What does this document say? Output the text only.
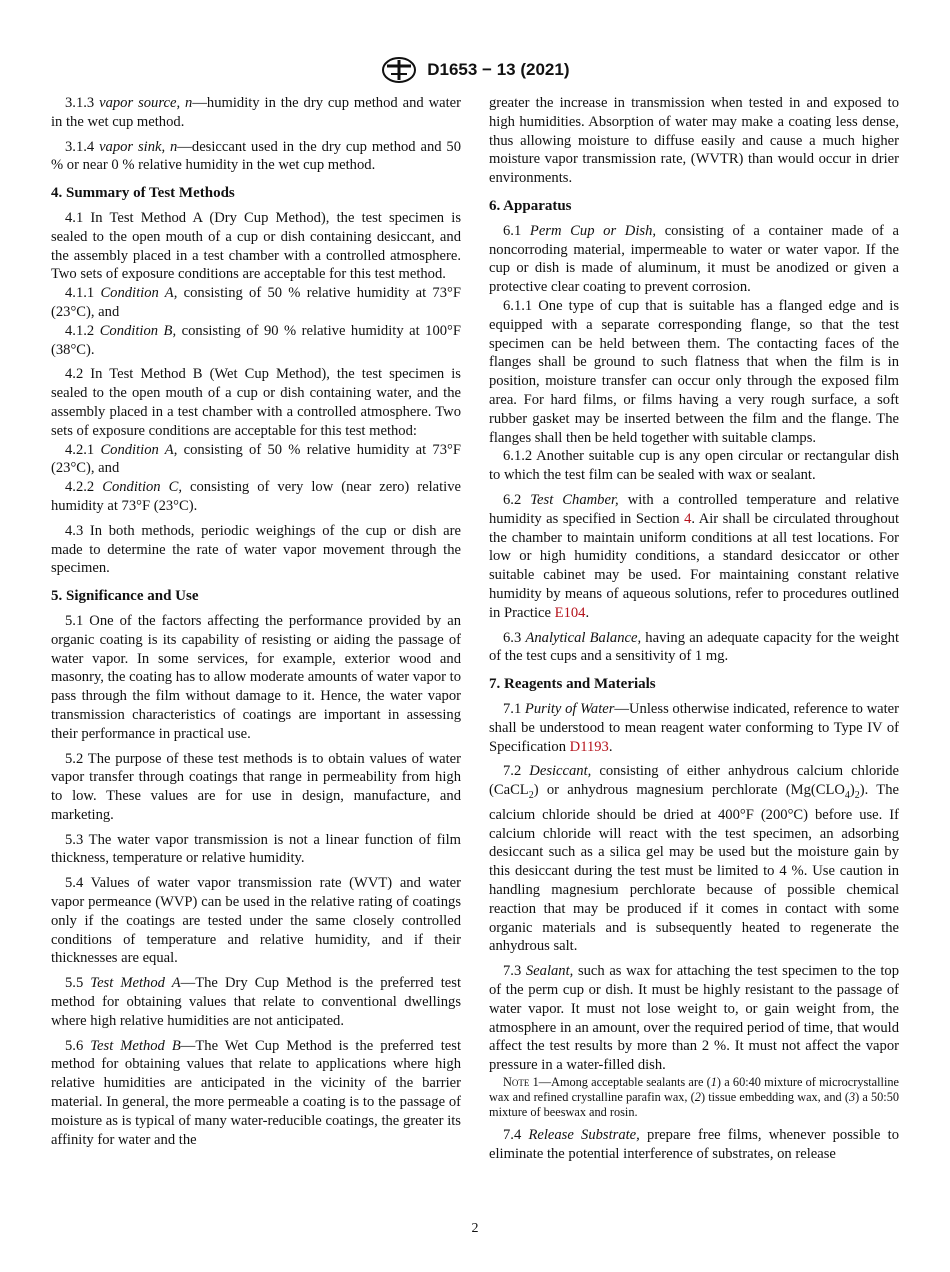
D1653 − 13 (2021)

3.1.3 vapor source, n—humidity in the dry cup method and water in the wet cup method.

3.1.4 vapor sink, n—desiccant used in the dry cup method and 50 % or near 0 % relative humidity in the wet cup method.

4. Summary of Test Methods

4.1 In Test Method A (Dry Cup Method), the test specimen is sealed to the open mouth of a cup or dish containing desiccant, and the assembly placed in a test chamber with a controlled atmosphere. Two sets of exposure conditions are acceptable for this test method.

4.1.1 Condition A, consisting of 50 % relative humidity at 73°F (23°C), and

4.1.2 Condition B, consisting of 90 % relative humidity at 100°F (38°C).

4.2 In Test Method B (Wet Cup Method), the test specimen is sealed to the open mouth of a cup or dish containing water, and the assembly placed in a test chamber with a controlled atmosphere. Two sets of exposure conditions are acceptable for this test method:

4.2.1 Condition A, consisting of 50 % relative humidity at 73°F (23°C), and

4.2.2 Condition C, consisting of very low (near zero) relative humidity at 73°F (23°C).

4.3 In both methods, periodic weighings of the cup or dish are made to determine the rate of water vapor movement through the specimen.

5. Significance and Use

5.1 One of the factors affecting the performance provided by an organic coating is its capability of resisting or aiding the passage of water vapor. In some services, for example, exterior wood and masonry, the coating has to allow moderate amounts of water vapor to pass through the film without damage to it. Hence, the water vapor transmission characteristics of coatings are important in assessing their performance in practical use.

5.2 The purpose of these test methods is to obtain values of water vapor transfer through coatings that range in permeability from high to low. These values are for use in design, manufacture, and marketing.

5.3 The water vapor transmission is not a linear function of film thickness, temperature or relative humidity.

5.4 Values of water vapor transmission rate (WVT) and water vapor permeance (WVP) can be used in the relative rating of coatings only if the coatings are tested under the same closely controlled conditions of temperature and relative humidity, and if their thicknesses are equal.

5.5 Test Method A—The Dry Cup Method is the preferred test method for obtaining values that relate to conventional dwellings where high relative humidities are not anticipated.

5.6 Test Method B—The Wet Cup Method is the preferred test method for obtaining values that relate to applications where high relative humidities are anticipated in the vicinity of the barrier material. In general, the more permeable a coating is to the passage of moisture as is typical of many water-reducible coatings, the greater its affinity for water and the

greater the increase in transmission when tested in and exposed to high humidities. Absorption of water may make a coating less dense, thus allowing moisture to diffuse easily and cause a much higher moisture vapor transmission rate, (WVTR) than would occur in drier environments.

6. Apparatus

6.1 Perm Cup or Dish, consisting of a container made of a noncorroding material, impermeable to water or water vapor. If the cup or dish is made of aluminum, it must be anodized or given a protective clear coating to prevent corrosion.

6.1.1 One type of cup that is suitable has a flanged edge and is equipped with a separate corresponding flange, so that the test specimen can be held between them. The contacting faces of the flanges shall be ground to such flatness that when the film is in position, moisture transfer can occur only through the exposed film area. For hard films, or films having a very rough surface, a soft rubber gasket may be inserted between the film and the flange. The flanges shall then be held together with suitable clamps.

6.1.2 Another suitable cup is any open circular or rectangular dish to which the test film can be sealed with wax or sealant.

6.2 Test Chamber, with a controlled temperature and relative humidity as specified in Section 4. Air shall be circulated throughout the chamber to maintain uniform conditions at all test locations. For low or high humidity conditions, a standard desiccator or other suitable cabinet may be used. For maintaining constant relative humidity by means of aqueous solutions, refer to procedures outlined in Practice E104.

6.3 Analytical Balance, having an adequate capacity for the weight of the test cups and a sensitivity of 1 mg.

7. Reagents and Materials

7.1 Purity of Water—Unless otherwise indicated, reference to water shall be understood to mean reagent water conforming to Type IV of Specification D1193.

7.2 Desiccant, consisting of either anhydrous calcium chloride (CaCL$_2$) or anhydrous magnesium perchlorate $(Mg(CLO_4)_2)$. The calcium chloride should be dried at 400°F (200°C) before use. If calcium chloride will react with the test specimen, an adsorbing desiccant such as a silica gel may be used but the moisture gain by this desiccant during the test must be limited to 4 %. Use caution in handling magnesium perchlorate because of possible chemical reaction that may be produced if it comes in contact with some organic materials and is subsequently heated to regenerate the anhydrous salt.

7.3 Sealant, such as wax for attaching the test specimen to the top of the perm cup or dish. It must be highly resistant to the passage of water vapor. It must not lose weight to, or gain weight from, the atmosphere in an amount, over the required period of time, that would affect the test results by more than 2 %. It must not affect the vapor pressure in a water-filled dish.

Note 1—Among acceptable sealants are (1) a 60:40 mixture of microcrystalline wax and refined crystalline parafin wax, (2) tissue embedding wax, and (3) a 50:50 mixture of beeswax and rosin.

7.4 Release Substrate, prepare free films, whenever possible to eliminate the potential interference of substrates, on release

2
